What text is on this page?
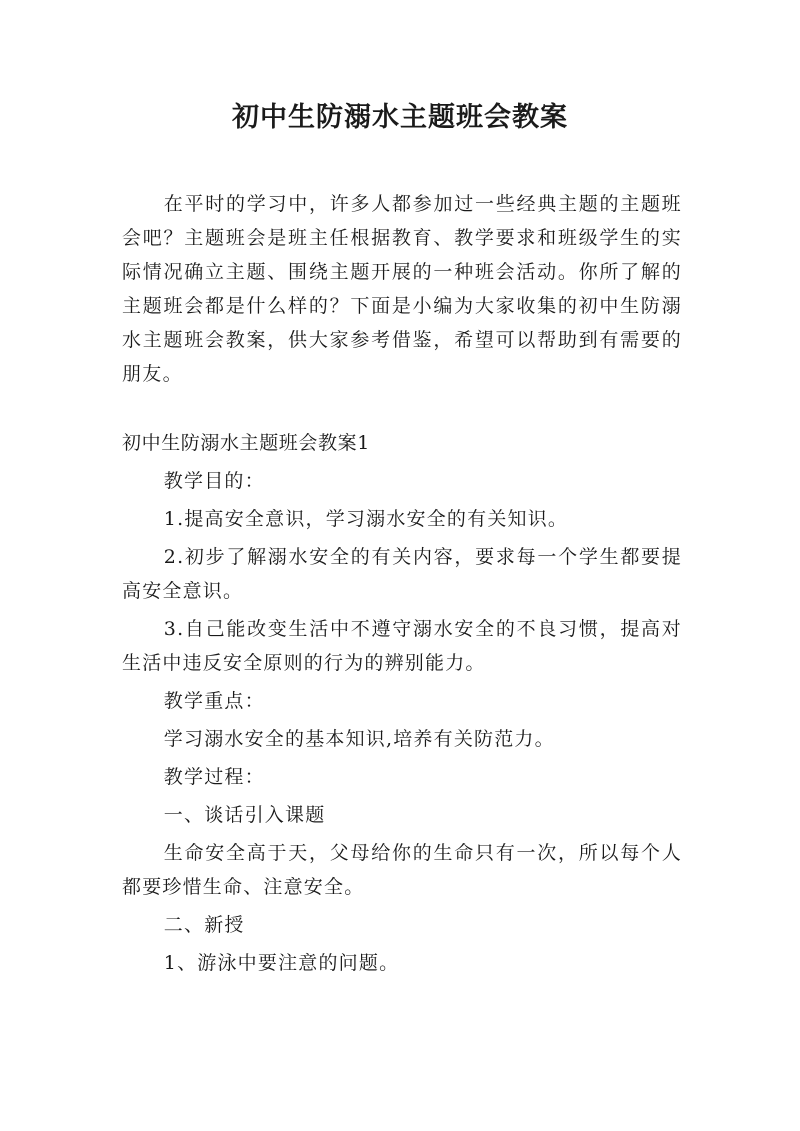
初中生防溺水主题班会教案

在平时的学习中，许多人都参加过一些经典主题的主题班会吧？主题班会是班主任根据教育、教学要求和班级学生的实际情况确立主题、围绕主题开展的一种班会活动。你所了解的主题班会都是什么样的？下面是小编为大家收集的初中生防溺水主题班会教案，供大家参考借鉴，希望可以帮助到有需要的朋友。

初中生防溺水主题班会教案1

教学目的：

1.提高安全意识，学习溺水安全的有关知识。

2.初步了解溺水安全的有关内容，要求每一个学生都要提高安全意识。

3.自己能改变生活中不遵守溺水安全的不良习惯，提高对生活中违反安全原则的行为的辨别能力。

教学重点：

学习溺水安全的基本知识,培养有关防范力。

教学过程：

一、谈话引入课题

生命安全高于天，父母给你的生命只有一次，所以每个人都要珍惜生命、注意安全。

二、新授

1、游泳中要注意的问题。
